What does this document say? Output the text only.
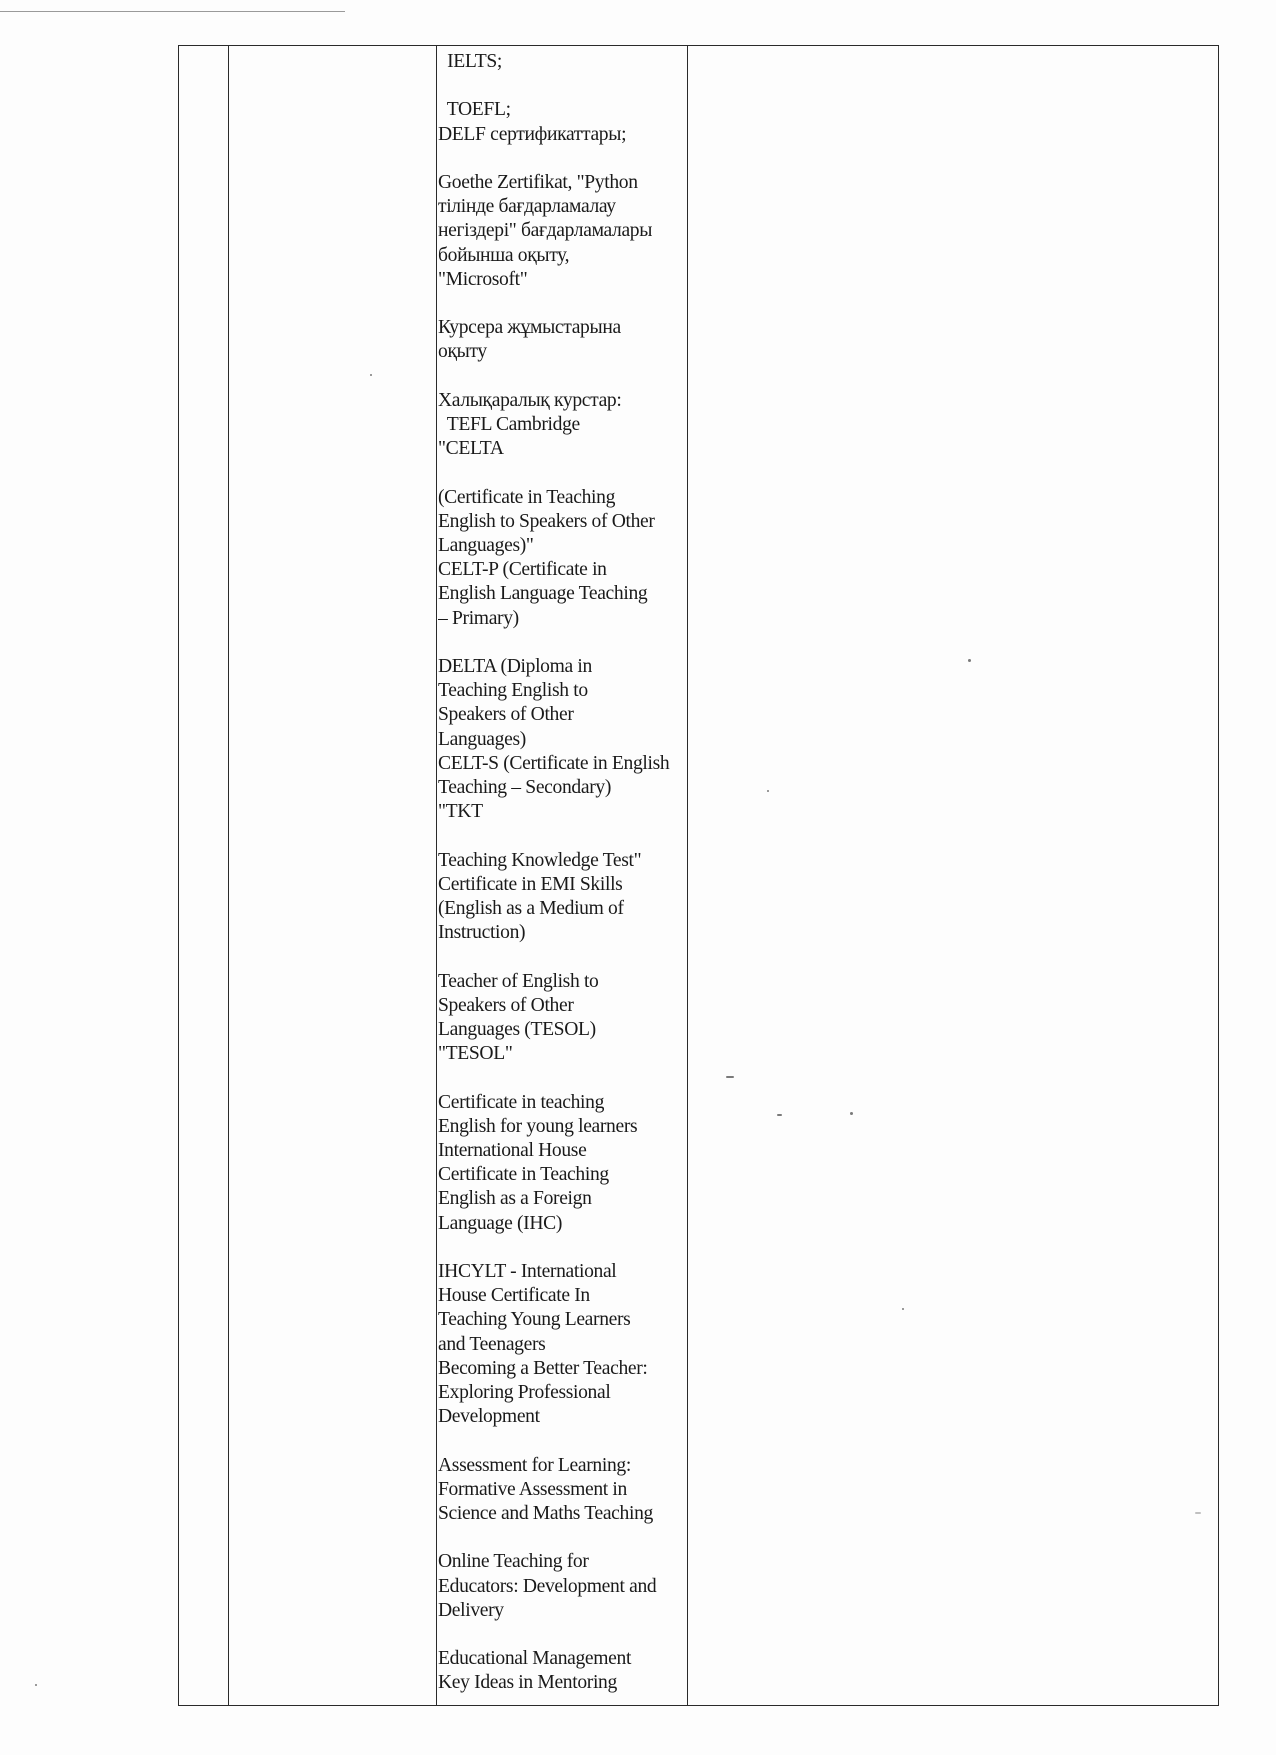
IELTS;
TOEFL;
DELF сертификаттары;
Goethe Zertifikat, "Python
тілінде бағдарламалау
негіздері" бағдарламалары
бойынша оқыту,
"Microsoft"
Курсера жұмыстарына
оқыту
Халықаралық курстар:
TEFL Cambridge
"CELTA
(Certificate in Teaching
English to Speakers of Other
Languages)"
CELT-P (Certificate in
English Language Teaching
– Primary)
DELTA (Diploma in
Teaching English to
Speakers of Other
Languages)
CELT-S (Certificate in English
Teaching – Secondary)
"TKT
Teaching Knowledge Test"
Certificate in EMI Skills
(English as a Medium of
Instruction)
Teacher of English to
Speakers of Other
Languages (TESOL)
"TESOL"
Certificate in teaching
English for young learners
International House
Certificate in Teaching
English as a Foreign
Language (IHC)
IHCYLT - International
House Certificate In
Teaching Young Learners
and Teenagers
Becoming a Better Teacher:
Exploring Professional
Development
Assessment for Learning:
Formative Assessment in
Science and Maths Teaching
Online Teaching for
Educators: Development and
Delivery
Educational Management
Key Ideas in Mentoring
